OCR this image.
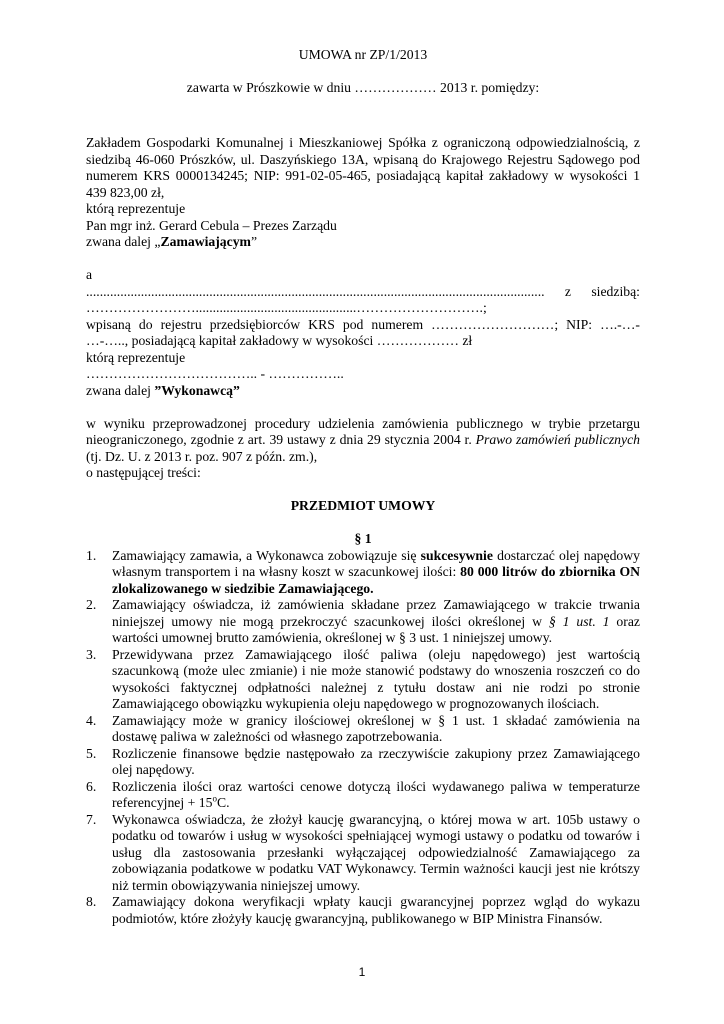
UMOWA nr ZP/1/2013

zawarta w Prószkowie w dniu ……………… 2013 r. pomiędzy:

Zakładem Gospodarki Komunalnej i Mieszkaniowej Spółka z ograniczoną odpowiedzialnością, z siedzibą 46-060 Prószków, ul. Daszyńskiego 13A, wpisaną do Krajowego Rejestru Sądowego pod numerem KRS 0000134245; NIP: 991-02-05-465, posiadającą kapitał zakładowy w wysokości 1 439 823,00 zł,

którą reprezentuje

Pan mgr inż. Gerard Cebula – Prezes Zarządu

zwana dalej „Zamawiającym”

a

...................................................................................................................................... z siedzibą:

……………………...............................................……………………….;

wpisaną do rejestru przedsiębiorców KRS pod numerem ………………………; NIP: ….-…-

…-….., posiadającą kapitał zakładowy w wysokości ……………… zł

którą reprezentuje

……………………………….. - ……………..

zwana dalej ”Wykonawcą”

w wyniku przeprowadzonej procedury udzielenia zamówienia publicznego w trybie przetargu nieograniczonego, zgodnie z art. 39 ustawy z dnia 29 stycznia 2004 r. Prawo zamówień publicznych (tj. Dz. U. z 2013 r. poz. 907 z późn. zm.),

o następującej treści:

PRZEDMIOT UMOWY

§ 1

1. Zamawiający zamawia, a Wykonawca zobowiązuje się sukcesywnie dostarczać olej napędowy własnym transportem i na własny koszt w szacunkowej ilości: 80 000 litrów do zbiornika ON zlokalizowanego w siedzibie Zamawiającego.
2. Zamawiający oświadcza, iż zamówienia składane przez Zamawiającego w trakcie trwania niniejszej umowy nie mogą przekroczyć szacunkowej ilości określonej w § 1 ust. 1 oraz wartości umownej brutto zamówienia, określonej w § 3 ust. 1 niniejszej umowy.
3. Przewidywana przez Zamawiającego ilość paliwa (oleju napędowego) jest wartością szacunkową (może ulec zmianie) i nie może stanowić podstawy do wnoszenia roszczeń co do wysokości faktycznej odpłatności należnej z tytułu dostaw ani nie rodzi po stronie Zamawiającego obowiązku wykupienia oleju napędowego w prognozowanych ilościach.
4. Zamawiający może w granicy ilościowej określonej w § 1 ust. 1 składać zamówienia na dostawę paliwa w zależności od własnego zapotrzebowania.
5. Rozliczenie finansowe będzie następowało za rzeczywiście zakupiony przez Zamawiającego olej napędowy.
6. Rozliczenia ilości oraz wartości cenowe dotyczą ilości wydawanego paliwa w temperaturze referencyjnej + $15^oC$.
7. Wykonawca oświadcza, że złożył kaucję gwarancyjną, o której mowa w art. 105b ustawy o podatku od towarów i usług w wysokości spełniającej wymogi ustawy o podatku od towarów i usług dla zastosowania przesłanki wyłączającej odpowiedzialność Zamawiającego za zobowiązania podatkowe w podatku VAT Wykonawcy. Termin ważności kaucji jest nie krótszy niż termin obowiązywania niniejszej umowy.
8. Zamawiający dokona weryfikacji wpłaty kaucji gwarancyjnej poprzez wgląd do wykazu podmiotów, które złożyły kaucję gwarancyjną, publikowanego w BIP Ministra Finansów.
1
